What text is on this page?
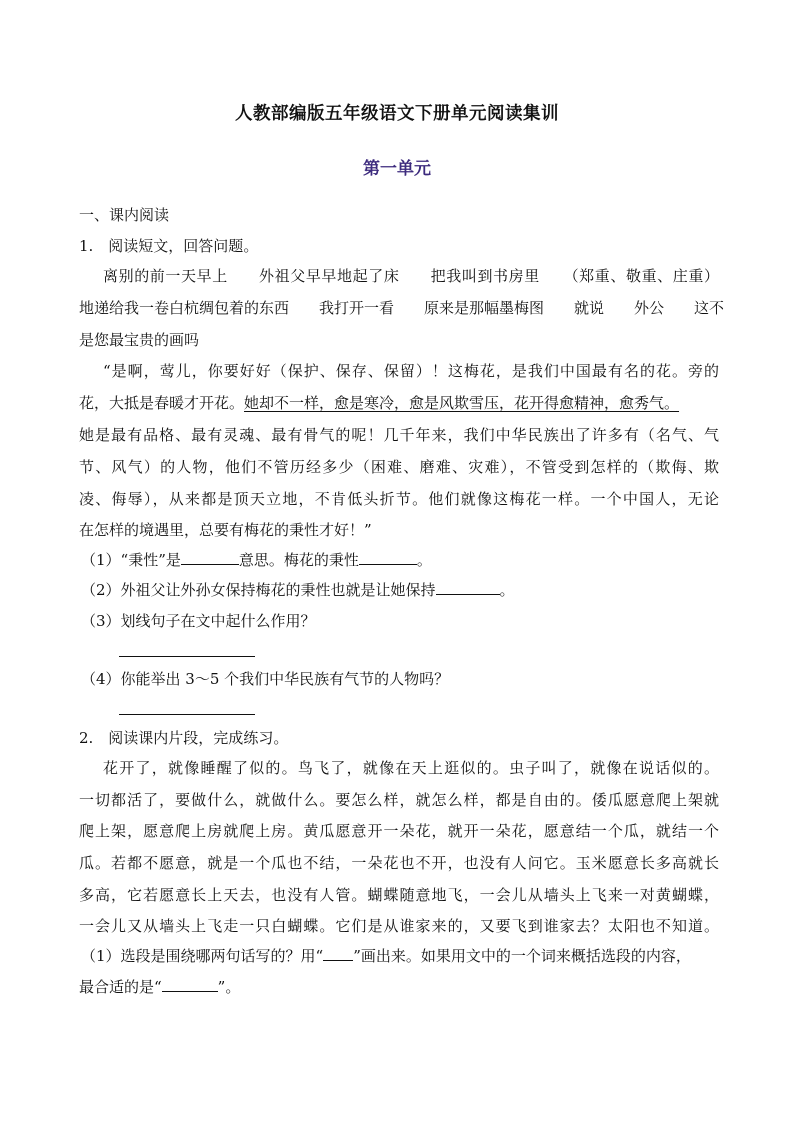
人教部编版五年级语文下册单元阅读集训
第一单元
一、课内阅读
1.　阅读短文，回答问题。
离别的前一天早上　　外祖父早早地起了床　　把我叫到书房里　　（郑重、敬重、庄重）
地递给我一卷白杭绸包着的东西　　我打开一看　　原来是那幅墨梅图　　就说　　外公　　这不
是您最宝贵的画吗
“是啊，莺儿，你要好好（保护、保存、保留）！这梅花，是我们中国最有名的花。旁的
花，大抵是春暖才开花。她却不一样，愈是寒冷，愈是风欺雪压，花开得愈精神，愈秀气。
她是最有品格、最有灵魂、最有骨气的呢！几千年来，我们中华民族出了许多有（名气、气
节、风气）的人物，他们不管历经多少（困难、磨难、灾难），不管受到怎样的（欺侮、欺
凌、侮辱），从来都是顶天立地，不肯低头折节。他们就像这梅花一样。一个中国人，无论
在怎样的境遇里，总要有梅花的秉性才好！”
（1）“秉性”是	意思。梅花的秉性	。
（2）外祖父让外孙女保持梅花的秉性也就是让她保持	。
（3）划线句子在文中起什么作用？
（4）你能举出 3～5 个我们中华民族有气节的人物吗？
2.　阅读课内片段，完成练习。
花开了，就像睡醒了似的。鸟飞了，就像在天上逛似的。虫子叫了，就像在说话似的。
一切都活了，要做什么，就做什么。要怎么样，就怎么样，都是自由的。倭瓜愿意爬上架就
爬上架，愿意爬上房就爬上房。黄瓜愿意开一朵花，就开一朵花，愿意结一个瓜，就结一个
瓜。若都不愿意，就是一个瓜也不结，一朵花也不开，也没有人问它。玉米愿意长多高就长
多高，它若愿意长上天去，也没有人管。蝴蝶随意地飞，一会儿从墙头上飞来一对黄蝴蝶，
一会儿又从墙头上飞走一只白蝴蝶。它们是从谁家来的，又要飞到谁家去？太阳也不知道。
（1）选段是围绕哪两句话写的？用“ ”画出来。如果用文中的一个词来概括选段的内容，
最合适的是“	”。
